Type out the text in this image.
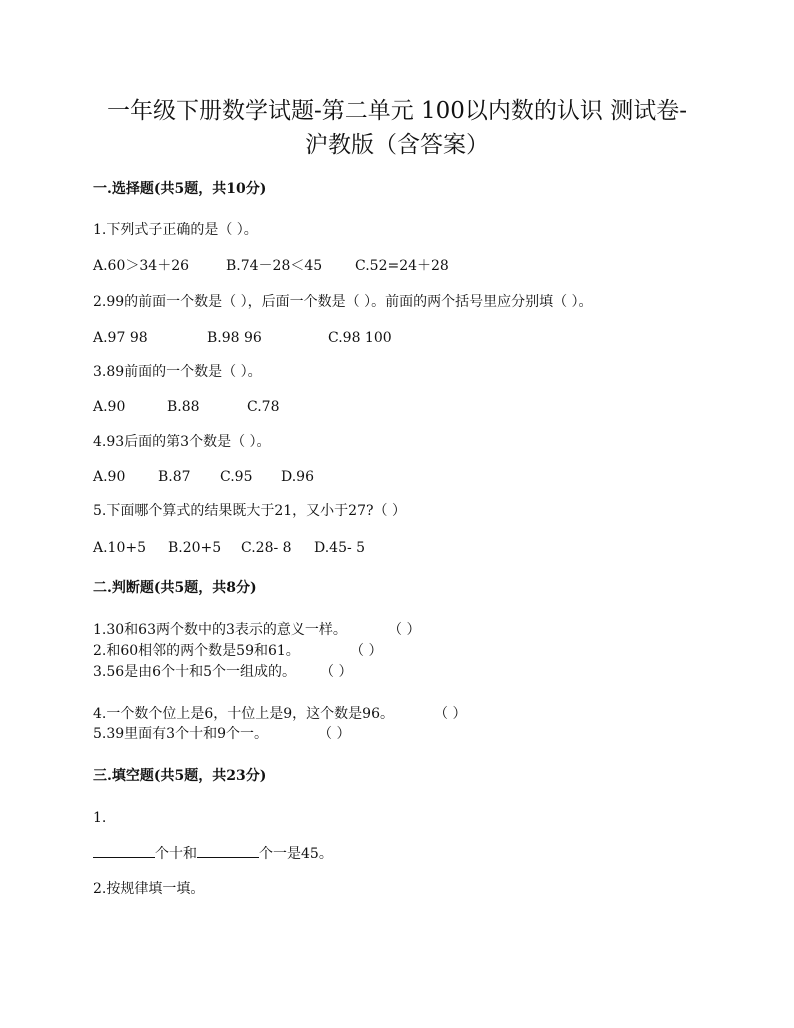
一年级下册数学试题-第二单元 100以内数的认识 测试卷-
沪教版（含答案）
一.选择题(共5题，共10分)
1.下列式子正确的是（ ）。
A.60＞34＋26	B.74－28＜45 C.52=24＋28
2.99的前面一个数是（ ），后面一个数是（ ）。前面的两个括号里应分别填（ ）。
A.97 98	B.98 96	C.98 100
3.89前面的一个数是（ ）。
A.90	B.88	C.78
4.93后面的第3个数是（ ）。
A.90 B.87 C.95 D.96
5.下面哪个算式的结果既大于21，又小于27?（ ）
A.10+5 B.20+5 C.28- 8 D.45- 5
二.判断题(共5题，共8分)
1.30和63两个数中的3表示的意义一样。	（ ）
2.和60相邻的两个数是59和61。	（ ）
3.56是由6个十和5个一组成的。 （ ）
4.一个数个位上是6，十位上是9，这个数是96。	（ ）
5.39里面有3个十和9个一。	（ ）
三.填空题(共5题，共23分)
1.
个十和	个一是45。
2.按规律填一填。
